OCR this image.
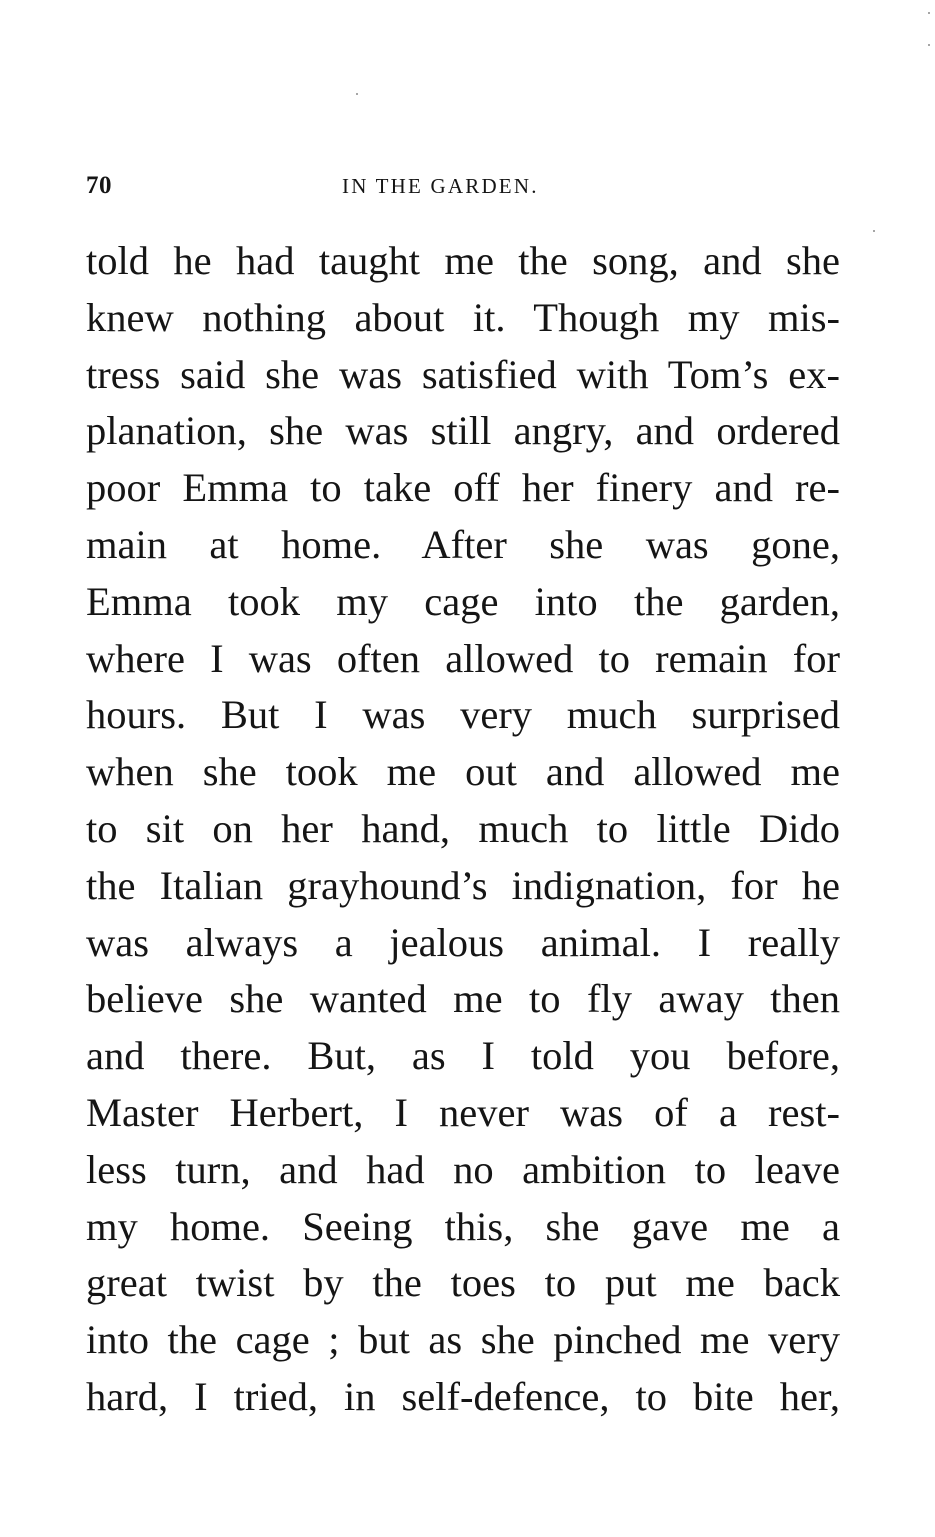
70	IN THE GARDEN.
told he had taught me the song, and she
knew nothing about it. Though my mis-
tress said she was satisfied with Tom’s ex-
planation, she was still angry, and ordered
poor Emma to take off her finery and re-
main at home. After she was gone,
Emma took my cage into the garden,
where I was often allowed to remain for
hours. But I was very much surprised
when she took me out and allowed me
to sit on her hand, much to little Dido
the Italian grayhound’s indignation, for he
was always a jealous animal. I really
believe she wanted me to fly away then
and there. But, as I told you before,
Master Herbert, I never was of a rest-
less turn, and had no ambition to leave
my home. Seeing this, she gave me a
great twist by the toes to put me back
into the cage ; but as she pinched me very
hard, I tried, in self-defence, to bite her,
